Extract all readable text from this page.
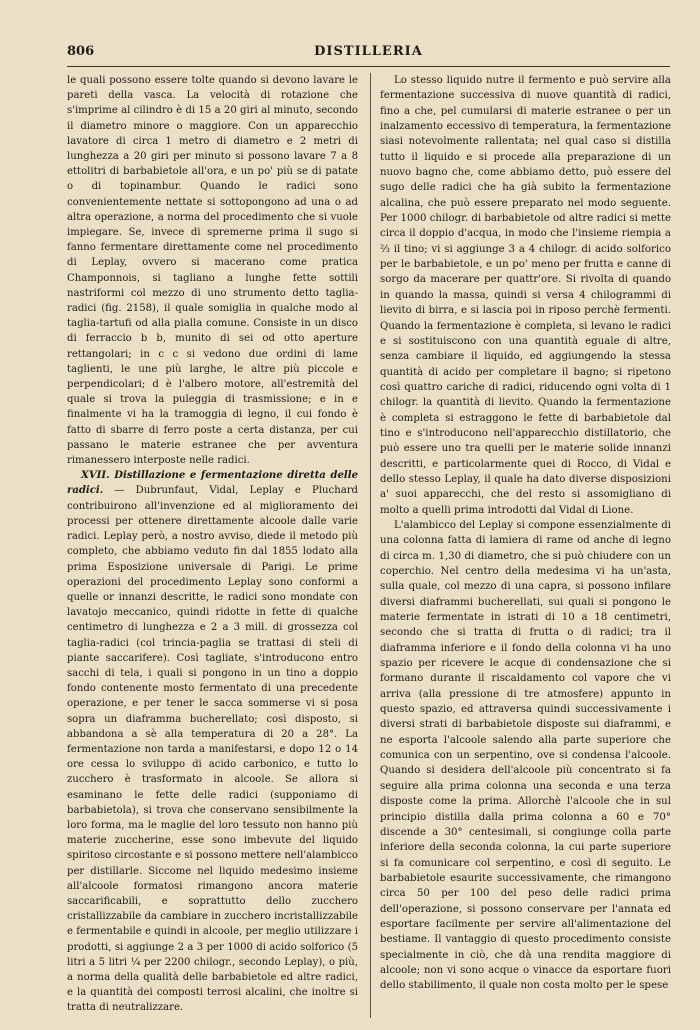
806	DISTILLERIA

le quali possono essere tolte quando si devono lavare le pareti della vasca. La velocità di rotazione che s'imprime al cilindro è di 15 a 20 giri al minuto, secondo il diametro minore o maggiore. Con un apparecchio lavatore di circa 1 metro di diametro e 2 metri di lunghezza a 20 giri per minuto si possono lavare 7 a 8 ettolitri di barbabietole all'ora, e un po' più se di patate o di topinambur. Quando le radici sono convenientemente nettate si sottopongono ad una o ad altra operazione, a norma del procedimento che si vuole impiegare. Se, invece di spremerne prima il sugo si fanno fermentare direttamente come nel procedimento di Leplay, ovvero si macerano come pratica Champonnois, si tagliano a lunghe fette sottili nastriformi col mezzo di uno strumento detto taglia-radici (fig. 2158), il quale somiglia in qualche modo al taglia-tartufi od alla pialla comune. Consiste in un disco di ferraccio b b, munito di sei od otto aperture rettangolari; in c c si vedono due ordini di lame taglienti, le une più larghe, le altre più piccole e perpendicolari; d è l'albero motore, all'estremità del quale si trova la puleggia di trasmissione; e in e finalmente vi ha la tramoggia di legno, il cui fondo è fatto di sbarre di ferro poste a certa distanza, per cui passano le materie estranee che per avventura rimanessero interposte nelle radici.

XVII. Distillazione e fermentazione diretta delle radici. — Dubrunfaut, Vidal, Leplay e Pluchard contribuirono all'invenzione ed al miglioramento dei processi per ottenere direttamente alcoole dalle varie radici. Leplay però, a nostro avviso, diede il metodo più completo, che abbiamo veduto fin dal 1855 lodato alla prima Esposizione universale di Parigi. Le prime operazioni del procedimento Leplay sono conformi a quelle or innanzi descritte, le radici sono mondate con lavatojo meccanico, quindi ridotte in fette di qualche centimetro di lunghezza e 2 a 3 mill. di grossezza col taglia-radici (col trincia-paglia se trattasi di steli di piante saccarifere). Così tagliate, s'introducono entro sacchi di tela, i quali si pongono in un tino a doppio fondo contenente mosto fermentato di una precedente operazione, e per tener le sacca sommerse vi si posa sopra un diaframma bucherellato; così disposto, si abbandona a sè alla temperatura di 20 a 28°. La fermentazione non tarda a manifestarsi, e dopo 12 o 14 ore cessa lo sviluppo di acido carbonico, e tutto lo zucchero è trasformato in alcoole. Se allora si esaminano le fette delle radici (supponiamo di barbabietola), si trova che conservano sensibilmente la loro forma, ma le maglie del loro tessuto non hanno più materie zuccherine, esse sono imbevute del liquido spiritoso circostante e si possono mettere nell'alambicco per distillarle. Siccome nel liquido medesimo insieme all'alcoole formatosi rimangono ancora materie saccarificabili, e soprattutto dello zucchero cristallizzabile da cambiare in zucchero incristallizzabile e fermentabile e quindi in alcoole, per meglio utilizzare i prodotti, si aggiunge 2 a 3 per 1000 di acido solforico (5 litri a 5 litri ¼ per 2200 chilogr., secondo Leplay), o più, a norma della qualità delle barbabietole ed altre radici, e la quantità dei composti terrosi alcalini, che inoltre si tratta di neutralizzare.

Lo stesso liquido nutre il fermento e può servire alla fermentazione successiva di nuove quantità di radici, fino a che, pel cumularsi di materie estranee o per un inalzamento eccessivo di temperatura, la fermentazione siasi notevolmente rallentata; nel qual caso si distilla tutto il liquido e si procede alla preparazione di un nuovo bagno che, come abbiamo detto, può essere del sugo delle radici che ha già subito la fermentazione alcalina, che può essere preparato nel modo seguente. Per 1000 chilogr. di barbabietole od altre radici si mette circa il doppio d'acqua, in modo che l'insieme riempia a ⅔ il tino; vi si aggiunge 3 a 4 chilogr. di acido solforico per le barbabietole, e un po' meno per frutta e canne di sorgo da macerare per quattr'ore. Si rivolta di quando in quando la massa, quindi si versa 4 chilogrammi di lievito di birra, e si lascia poi in riposo perchè fermenti. Quando la fermentazione è completa, si levano le radici e si sostituiscono con una quantità eguale di altre, senza cambiare il liquido, ed aggiungendo la stessa quantità di acido per completare il bagno; si ripetono così quattro cariche di radici, riducendo ogni volta di 1 chilogr. la quantità di lievito. Quando la fermentazione è completa si estraggono le fette di barbabietole dal tino e s'introducono nell'apparecchio distillatorio, che può essere uno tra quelli per le materie solide innanzi descritti, e particolarmente quei di Rocco, di Vidal e dello stesso Leplay, il quale ha dato diverse disposizioni a' suoi apparecchi, che del resto si assomigliano di molto a quelli prima introdotti dal Vidal di Lione.

L'alambicco del Leplay si compone essenzialmente di una colonna fatta di lamiera di rame od anche di legno di circa m. 1,30 di diametro, che si può chiudere con un coperchio. Nel centro della medesima vi ha un'asta, sulla quale, col mezzo di una capra, si possono infilare diversi diaframmi bucherellati, sui quali si pongono le materie fermentate in istrati di 10 a 18 centimetri, secondo che si tratta di frutta o di radici; tra il diaframma inferiore e il fondo della colonna vi ha uno spazio per ricevere le acque di condensazione che si formano durante il riscaldamento col vapore che vi arriva (alla pressione di tre atmosfere) appunto in questo spazio, ed attraversa quindi successivamente i diversi strati di barbabietole disposte sui diaframmi, e ne esporta l'alcoole salendo alla parte superiore che comunica con un serpentino, ove si condensa l'alcoole. Quando si desidera dell'alcoole più concentrato si fa seguire alla prima colonna una seconda e una terza disposte come la prima. Allorchè l'alcoole che in sul principio distilla dalla prima colonna a 60 e 70° discende a 30° centesimali, si congiunge colla parte inferiore della seconda colonna, la cui parte superiore si fa comunicare col serpentino, e così di seguito. Le barbabietole esaurite successivamente, che rimangono circa 50 per 100 del peso delle radici prima dell'operazione, si possono conservare per l'annata ed esportare facilmente per servire all'alimentazione del bestiame. Il vantaggio di questo procedimento consiste specialmente in ciò, che dà una rendita maggiore di alcoole; non vi sono acque o vinacce da esportare fuori dello stabilimento, il quale non costa molto per le spese
